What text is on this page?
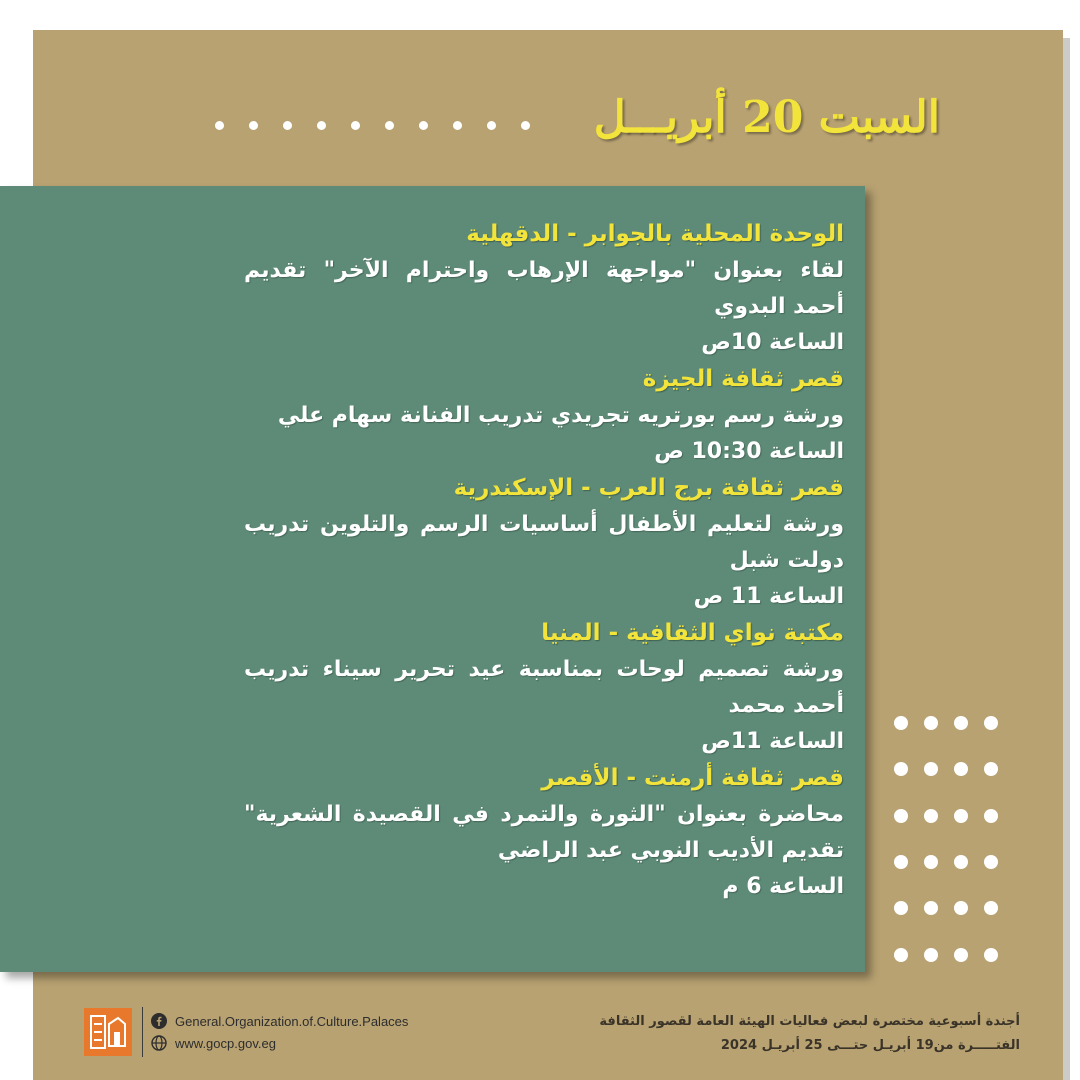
السبت 20 أبريـــل
الوحدة المحلية بالجوابر - الدقهلية
لقاء بعنوان "مواجهة الإرهاب واحترام الآخر" تقديم أحمد البدوي
الساعة 10ص
قصر ثقافة الجيزة
ورشة رسم بورتريه تجريدي تدريب الفنانة سهام علي
الساعة 10:30 ص
قصر ثقافة برج العرب - الإسكندرية
ورشة لتعليم الأطفال أساسيات الرسم والتلوين تدريب دولت شبل
الساعة 11 ص
مكتبة نواي الثقافية - المنيا
ورشة تصميم لوحات بمناسبة عيد تحرير سيناء تدريب أحمد محمد
الساعة 11ص
قصر ثقافة أرمنت - الأقصر
محاضرة بعنوان "الثورة والتمرد في القصيدة الشعرية" تقديم الأديب النوبي عبد الراضي
الساعة 6 م
General.Organization.of.Culture.Palaces
www.gocp.gov.eg
أجندة أسبوعية مختصرة لبعض فعاليات الهيئة العامة لقصور الثقافة
الفتـــــرة من19 أبريـل حتـــى 25 أبريـل 2024
